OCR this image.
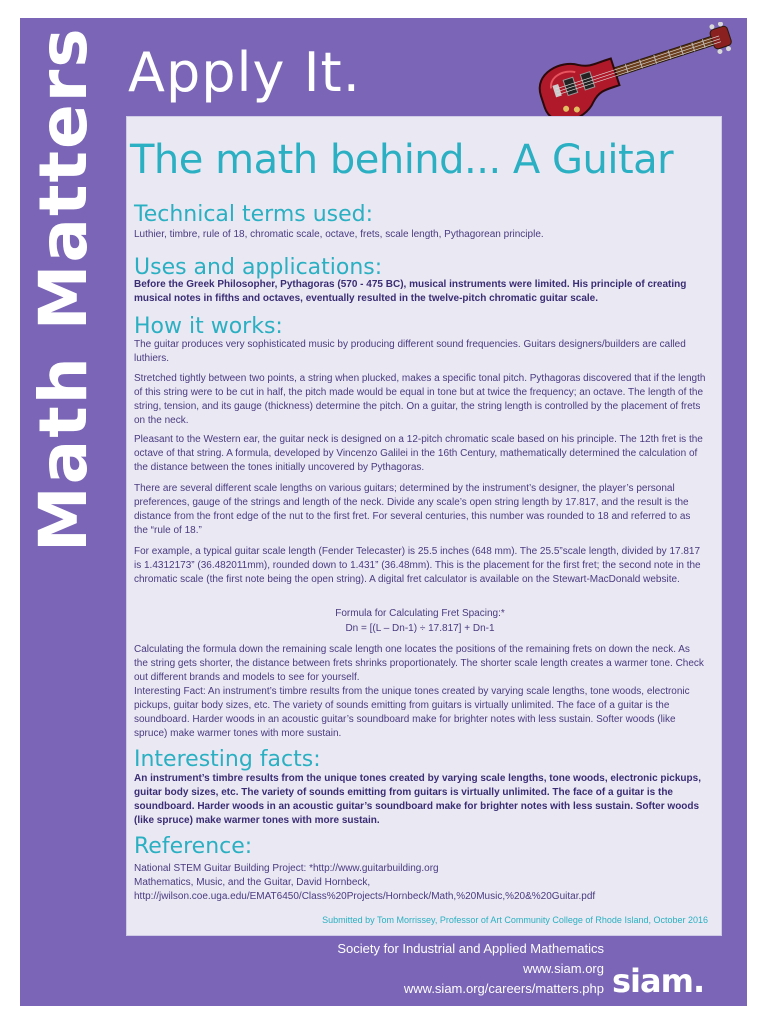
Math Matters Apply It.
The math behind... A Guitar
Technical terms used:

Luthier, timbre, rule of 18, chromatic scale, octave, frets, scale length, Pythagorean principle.

Uses and applications:

Before the Greek Philosopher, Pythagoras (570 - 475 BC), musical instruments were limited. His principle of creating musical notes in fifths and octaves, eventually resulted in the twelve-pitch chromatic guitar scale.

How it works:

The guitar produces very sophisticated music by producing different sound frequencies. Guitars designers/builders are called luthiers.

Stretched tightly between two points, a string when plucked, makes a specific tonal pitch. Pythagoras discovered that if the length of this string were to be cut in half, the pitch made would be equal in tone but at twice the frequency; an octave. The length of the string, tension, and its gauge (thickness) determine the pitch. On a guitar, the string length is controlled by the placement of frets on the neck.

Pleasant to the Western ear, the guitar neck is designed on a 12-pitch chromatic scale based on his principle. The 12th fret is the octave of that string. A formula, developed by Vincenzo Galilei in the 16th Century, mathematically determined the calculation of the distance between the tones initially uncovered by Pythagoras.

There are several different scale lengths on various guitars; determined by the instrument’s designer, the player’s personal preferences, gauge of the strings and length of the neck. Divide any scale’s open string length by 17.817, and the result is the distance from the front edge of the nut to the first fret. For several centuries, this number was rounded to 18 and referred to as the “rule of 18.”

For example, a typical guitar scale length (Fender Telecaster) is 25.5 inches (648 mm). The 25.5”scale length, divided by 17.817 is 1.4312173” (36.482011mm), rounded down to 1.431” (36.48mm). This is the placement for the first fret; the second note in the chromatic scale (the first note being the open string). A digital fret calculator is available on the Stewart-MacDonald website.

Formula for Calculating Fret Spacing:*

Dn = [(L – Dn-1) ÷ 17.817] + Dn-1

Calculating the formula down the remaining scale length one locates the positions of the remaining frets on down the neck. As the string gets shorter, the distance between frets shrinks proportionately. The shorter scale length creates a warmer tone. Check out different brands and models to see for yourself.

Interesting Fact: An instrument’s timbre results from the unique tones created by varying scale lengths, tone woods, electronic pickups, guitar body sizes, etc. The variety of sounds emitting from guitars is virtually unlimited. The face of a guitar is the soundboard. Harder woods in an acoustic guitar’s soundboard make for brighter notes with less sustain. Softer woods (like spruce) make warmer tones with more sustain.

Interesting facts:

An instrument’s timbre results from the unique tones created by varying scale lengths, tone woods, electronic pickups, guitar body sizes, etc. The variety of sounds emitting from guitars is virtually unlimited. The face of a guitar is the soundboard. Harder woods in an acoustic guitar’s soundboard make for brighter notes with less sustain. Softer woods (like spruce) make warmer tones with more sustain.

Reference:

National STEM Guitar Building Project: *http://www.guitarbuilding.org

Mathematics, Music, and the Guitar, David Hornbeck, http://jwilson.coe.uga.edu/EMAT6450/Class%20Projects/Hornbeck/Math,%20Music,%20&%20Guitar.pdf

Submitted by Tom Morrissey, Professor of Art Community College of Rhode Island, October 2016
Society for Industrial and Applied Mathematics
www.siam.org
www.siam.org/careers/matters.php siam.
